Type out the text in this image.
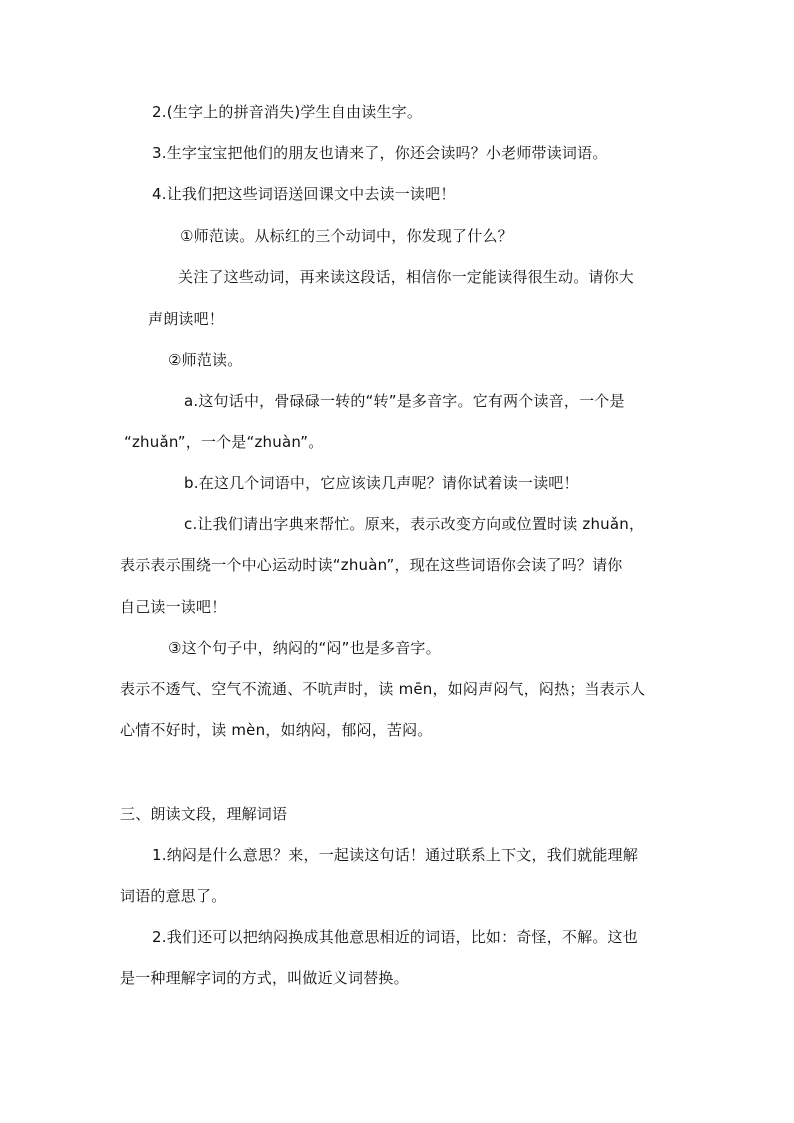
2.(生字上的拼音消失)学生自由读生字。
3.生字宝宝把他们的朋友也请来了，你还会读吗？小老师带读词语。
4.让我们把这些词语送回课文中去读一读吧！
①师范读。从标红的三个动词中，你发现了什么？
关注了这些动词，再来读这段话，相信你一定能读得很生动。请你大
声朗读吧！
②师范读。
a.这句话中，骨碌碌一转的“转”是多音字。它有两个读音，一个是
“zhuǎn”，一个是“zhuàn”。
b.在这几个词语中，它应该读几声呢？请你试着读一读吧！
c.让我们请出字典来帮忙。原来，表示改变方向或位置时读 zhuǎn，
表示表示围绕一个中心运动时读“zhuàn”，现在这些词语你会读了吗？请你
自己读一读吧！
③这个句子中，纳闷的“闷”也是多音字。
表示不透气、空气不流通、不吭声时，读 mēn，如闷声闷气，闷热；当表示人
心情不好时，读 mèn，如纳闷，郁闷，苦闷。
三、朗读文段，理解词语
1.纳闷是什么意思？来，一起读这句话！通过联系上下文，我们就能理解
词语的意思了。
2.我们还可以把纳闷换成其他意思相近的词语，比如：奇怪，不解。这也
是一种理解字词的方式，叫做近义词替换。
